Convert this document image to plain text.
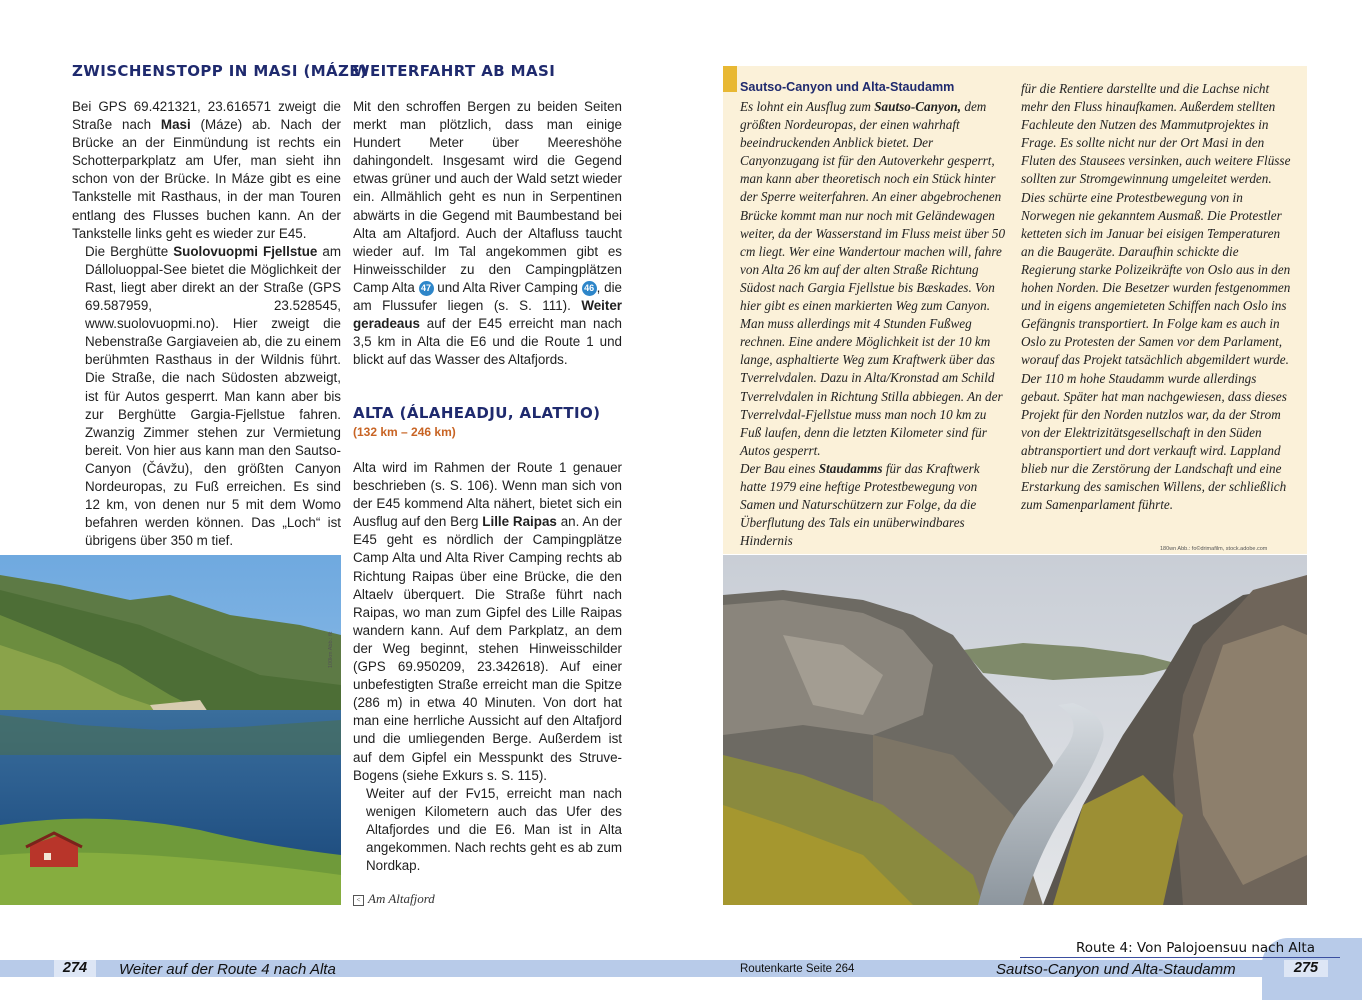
ZWISCHENSTOPP IN MASI (MÁZE)

Bei GPS 69.421321, 23.616571 zweigt die Straße nach Masi (Máze) ab. Nach der Brücke an der Einmündung ist rechts ein Schotterparkplatz am Ufer, man sieht ihn schon von der Brücke. In Máze gibt es eine Tankstelle mit Rasthaus, in der man Touren entlang des Flusses buchen kann. An der Tankstelle links geht es wieder zur E45.

Die Berghütte Suolovuopmi Fjellstue am Dálloluoppal-See bietet die Möglichkeit der Rast, liegt aber direkt an der Straße (GPS 69.587959, 23.528545, www.suolovuopmi.no). Hier zweigt die Nebenstraße Gargiaveien ab, die zu einem berühmten Rasthaus in der Wildnis führt. Die Straße, die nach Südosten abzweigt, ist für Autos gesperrt. Man kann aber bis zur Berghütte Gargia-Fjellstue fahren. Zwanzig Zimmer stehen zur Vermietung bereit. Von hier aus kann man den Sautso-Canyon (Čávžu), den größten Canyon Nordeuropas, zu Fuß erreichen. Es sind 12 km, von denen nur 5 mit dem Womo befahren werden können. Das „Loch“ ist übrigens über 350 m tief.

100km Abb.: fk
WEITERFAHRT AB MASI

Mit den schroffen Bergen zu beiden Seiten merkt man plötzlich, dass man einige Hundert Meter über Meereshöhe dahingondelt. Insgesamt wird die Gegend etwas grüner und auch der Wald setzt wieder ein. Allmählich geht es nun in Serpentinen abwärts in die Gegend mit Baumbestand bei Alta am Altafjord. Auch der Altafluss taucht wieder auf. Im Tal angekommen gibt es Hinweisschilder zu den Campingplätzen Camp Alta 47 und Alta River Camping 46 , die am Flussufer liegen (s. S. 111). Weiter geradeaus auf der E45 erreicht man nach 3,5 km in Alta die E6 und die Route 1 und blickt auf das Wasser des Altafjords.

ALTA (ÁLAHEADJU, ALATTIO)
(132 km – 246 km)

Alta wird im Rahmen der Route 1 genauer beschrieben (s. S. 106). Wenn man sich von der E45 kommend Alta nähert, bietet sich ein Ausflug auf den Berg Lille Raipas an. An der E45 geht es nördlich der Campingplätze Camp Alta und Alta River Camping rechts ab Richtung Raipas über eine Brücke, die den Altaelv überquert. Die Straße führt nach Raipas, wo man zum Gipfel des Lille Raipas wandern kann. Auf dem Parkplatz, an dem der Weg beginnt, stehen Hinweisschilder (GPS 69.950209, 23.342618). Auf einer unbefestigten Straße erreicht man die Spitze (286 m) in etwa 40 Minuten. Von dort hat man eine herrliche Aussicht auf den Altafjord und die umliegenden Berge. Außerdem ist auf dem Gipfel ein Messpunkt des Struve-Bogens (siehe Exkurs s. S. 115).

Weiter auf der Fv15, erreicht man nach wenigen Kilometern auch das Ufer des Altafjordes und die E6. Man ist in Alta angekommen. Nach rechts geht es ab zum Nordkap.

< Am Altafjord
Sautso-Canyon und Alta-Staudamm

Es lohnt ein Ausflug zum Sautso-Canyon, dem größten Nordeuropas, der einen wahrhaft beeindruckenden Anblick bietet. Der Canyonzugang ist für den Autoverkehr gesperrt, man kann aber theoretisch noch ein Stück hinter der Sperre weiterfahren. An einer abgebrochenen Brücke kommt man nur noch mit Geländewagen weiter, da der Wasserstand im Fluss meist über 50 cm liegt. Wer eine Wandertour machen will, fahre von Alta 26 km auf der alten Straße Richtung Südost nach Gargia Fjellstue bis Bæskades. Von hier gibt es einen markierten Weg zum Canyon. Man muss allerdings mit 4 Stunden Fußweg rechnen. Eine andere Möglichkeit ist der 10 km lange, asphaltierte Weg zum Kraftwerk über das Tverrelvdalen. Dazu in Alta/Kronstad am Schild Tverrelvdalen in Richtung Stilla abbiegen. An der Tverrelvdal-Fjellstue muss man noch 10 km zu Fuß laufen, denn die letzten Kilometer sind für Autos gesperrt.

Der Bau eines Staudamms für das Kraftwerk hatte 1979 eine heftige Protestbewegung von Samen und Naturschützern zur Folge, da die Überflutung des Tals ein unüberwindbares Hindernis

für die Rentiere darstellte und die Lachse nicht mehr den Fluss hinaufkamen. Außerdem stellten Fachleute den Nutzen des Mammutprojektes in Frage. Es sollte nicht nur der Ort Masi in den Fluten des Stausees versinken, auch weitere Flüsse sollten zur Stromgewinnung umgeleitet werden. Dies schürte eine Protestbewegung von in Norwegen nie gekanntem Ausmaß. Die Protestler ketteten sich im Januar bei eisigen Temperaturen an die Baugeräte. Daraufhin schickte die Regierung starke Polizeikräfte von Oslo aus in den hohen Norden. Die Besetzer wurden festgenommen und in eigens angemieteten Schiffen nach Oslo ins Gefängnis transportiert. In Folge kam es auch in Oslo zu Protesten der Samen vor dem Parlament, worauf das Projekt tatsächlich abgemildert wurde. Der 110 m hohe Staudamm wurde allerdings gebaut. Später hat man nachgewiesen, dass dieses Projekt für den Norden nutzlos war, da der Strom von der Elektrizitätsgesellschaft in den Süden abtransportiert und dort verkauft wird. Lappland blieb nur die Zerstörung der Landschaft und eine Erstarkung des samischen Willens, der schließlich zum Samenparlament führte.

180wn Abb.: fo©drimafilm, stock.adobe.com
Route 4: Von Palojoensuu nach Alta
274	Weiter auf der Route 4 nach Alta	Routenkarte Seite 264	Sautso-Canyon und Alta-Staudamm	275
